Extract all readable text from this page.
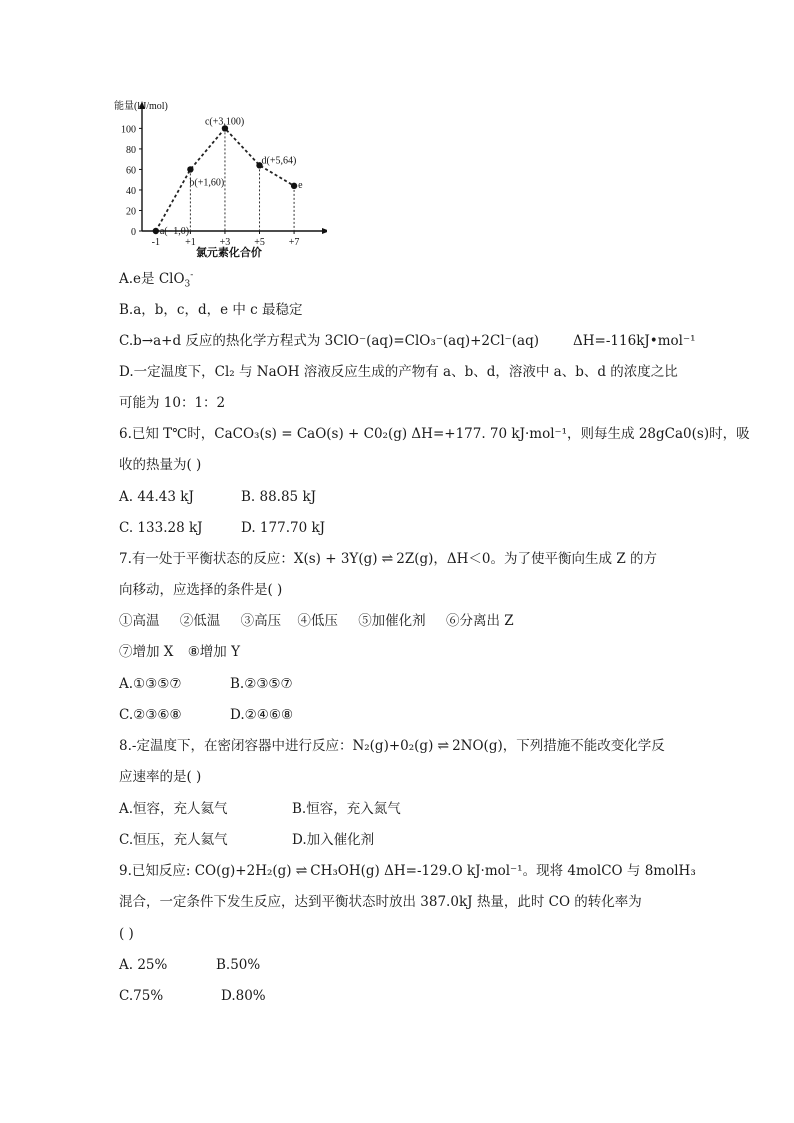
能量(kJ/mol)
0
20
40
60
80
100
-1	+1 +3 +5 +7
氯元素化合价
a(−1,0)
b(+1,60)
c(+3,100)
d(+5,64)
e
A.e是 ClO$_3$-
B.a，b，c，d，e 中 c 最稳定
C.b→a+d 反应的热化学方程式为 3ClO⁻(aq)=ClO₃⁻(aq)+2Cl⁻(aq)	ΔH=-116kJ•mol⁻¹
D.一定温度下，Cl₂ 与 NaOH 溶液反应生成的产物有 a、b、d，溶液中 a、b、d 的浓度之比
可能为 10：1：2
6.已知 T℃时，CaCO₃(s) = CaO(s) + C0₂(g) ΔH=+177. 70 kJ·mol⁻¹，则每生成 28gCa0(s)时，吸
收的热量为( )
A. 44.43 kJ	B. 88.85 kJ
C. 133.28 kJ	D. 177.70 kJ
7.有一处于平衡状态的反应：X(s) + 3Y(g) ⇌ 2Z(g)，ΔH＜0。为了使平衡向生成 Z 的方
向移动，应选择的条件是( )
①高温 ②低温 ③高压 ④低压 ⑤加催化剂 ⑥分离出 Z
⑦增加 X ⑧增加 Y
A.①③⑤⑦	B.②③⑤⑦
C.②③⑥⑧	D.②④⑥⑧
8.-定温度下，在密闭容器中进行反应：N₂(g)+0₂(g) ⇌ 2NO(g)，下列措施不能改变化学反
应速率的是( )
A.恒容，充人氦气	B.恒容，充入氮气
C.恒压，充人氦气	D.加入催化剂
9.已知反应: CO(g)+2H₂(g) ⇌ CH₃OH(g) ΔH=-129.O kJ·mol⁻¹。现将 4molCO 与 8molH₃
混合，一定条件下发生反应，达到平衡状态时放出 387.0kJ 热量，此时 CO 的转化率为
( )
A. 25%	B.50%
C.75%	D.80%
